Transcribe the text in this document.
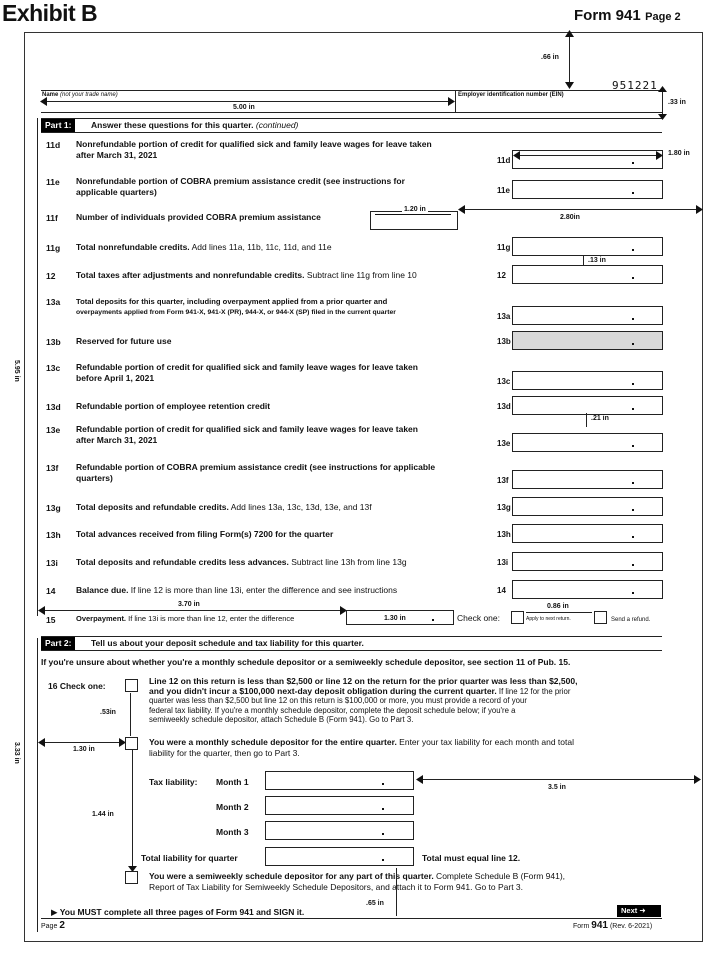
Exhibit B	Form 941 Page 2
.66 in
951221
Name (not your trade name)	Employer identification number (EIN)
5.00 in
.33 in
Part 1:	Answer these questions for this quarter. (continued)
11d Nonrefundable portion of credit for qualified sick and family leave wages for leave taken
after March 31, 2021
11d
11e Nonrefundable portion of COBRA premium assistance credit (see instructions for
applicable quarters)	11e
11f Number of individuals provided COBRA premium assistance
11g Total nonrefundable credits. Add lines 11a, 11b, 11c, 11d, and 11e	11g
12 Total taxes after adjustments and nonrefundable credits. Subtract line 11g from line 10	12
13a Total deposits for this quarter, including overpayment applied from a prior quarter and
overpayments applied from Form 941-X, 941-X (PR), 944-X, or 944-X (SP) filed in the current quarter	13a
13b Reserved for future use	13b
13c Refundable portion of credit for qualified sick and family leave wages for leave taken
before April 1, 2021	13c
13d Refundable portion of employee retention credit	13d
13e Refundable portion of credit for qualified sick and family leave wages for leave taken
after March 31, 2021	13e
13f Refundable portion of COBRA premium assistance credit (see instructions for applicable
quarters)	13f
13g Total deposits and refundable credits. Add lines 13a, 13c, 13d, 13e, and 13f	13g
13h Total advances received from filing Form(s) 7200 for the quarter	13h
13i Total deposits and refundable credits less advances. Subtract line 13h from line 13g	13i
14 Balance due. If line 12 is more than line 13i, enter the difference and see instructions	14
1.20 in
1.80 in
2.80in
.13 in
.21 in
5.95 in
3.70 in
15	Overpayment. If line 13i is more than line 12, enter the difference	1.30 in	Check one:	Apply to next return.
0.86 in
Send a refund.
Part 2:	Tell us about your deposit schedule and tax liability for this quarter.
If you're unsure about whether you're a monthly schedule depositor or a semiweekly schedule depositor, see section 11 of Pub. 15.
16 Check one:	Line 12 on this return is less than $2,500 or line 12 on the return for the prior quarter was less than $2,500,
and you didn't incur a $100,000 next-day deposit obligation during the current quarter. If line 12 for the prior
quarter was less than $2,500 but line 12 on this return is $100,000 or more, you must provide a record of your
federal tax liability. If you're a monthly schedule depositor, complete the deposit schedule below; if you're a
semiweekly schedule depositor, attach Schedule B (Form 941). Go to Part 3.
.53in
1.30 in
You were a monthly schedule depositor for the entire quarter. Enter your tax liability for each month and total
liability for the quarter, then go to Part 3.
3.33 in
1.44 in
Tax liability: Month 1
3.5 in
Month 2
Month 3
Total liability for quarter	Total must equal line 12.
You were a semiweekly schedule depositor for any part of this quarter. Complete Schedule B (Form 941),
Report of Tax Liability for Semiweekly Schedule Depositors, and attach it to Form 941. Go to Part 3.
.65 in
▶ You MUST complete all three pages of Form 941 and SIGN it.	Next ➜
Page 2	Form 941 (Rev. 6-2021)
